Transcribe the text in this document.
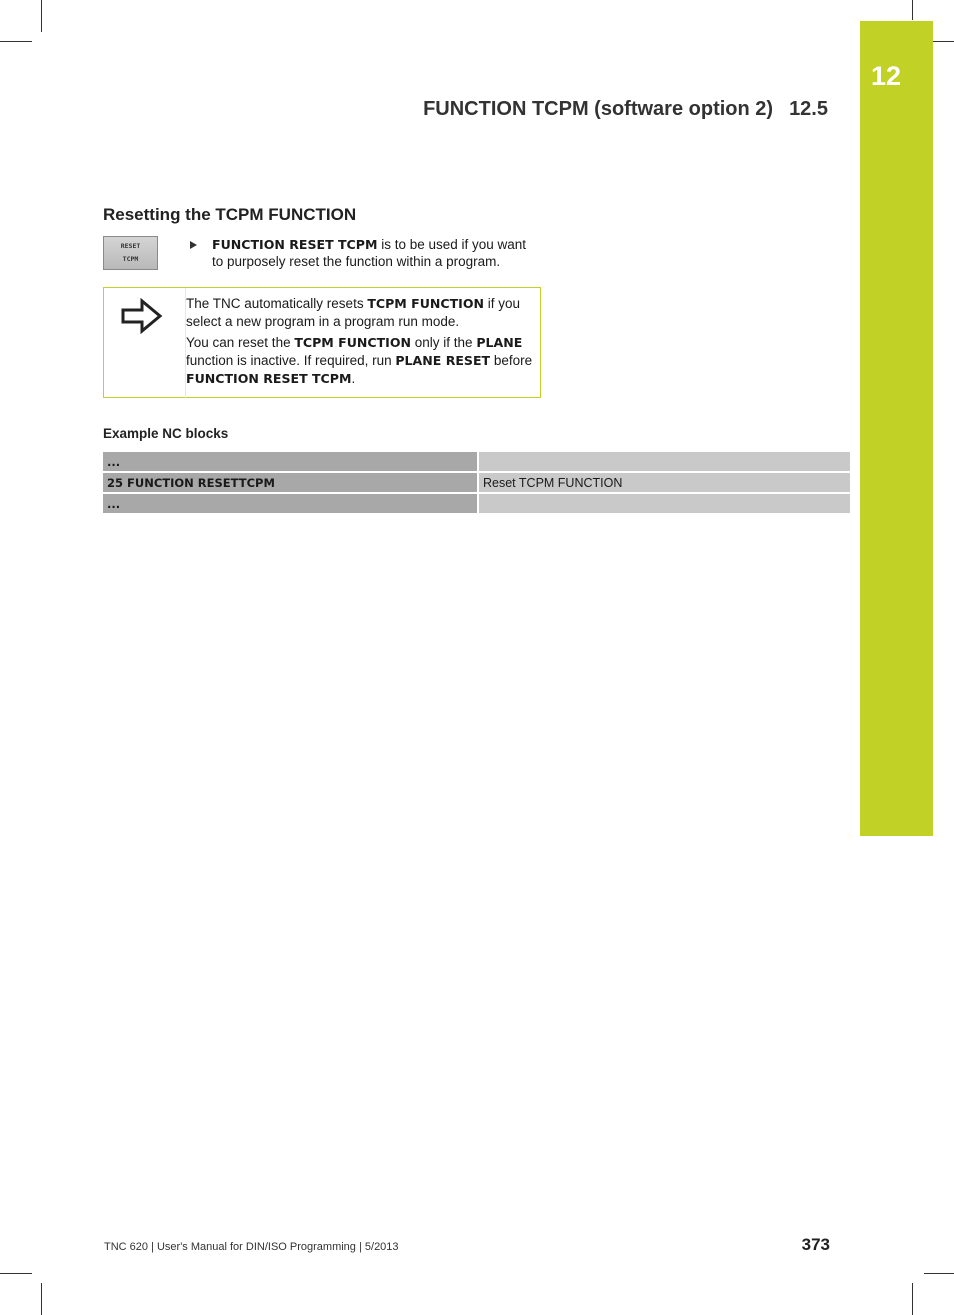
12
FUNCTION TCPM (software option 2) 12.5
Resetting the TCPM FUNCTION
RESET
TCPM
FUNCTION RESET TCPM is to be used if you want to purposely reset the function within a program.

The TNC automatically resets TCPM FUNCTION if you select a new program in a program run mode.

You can reset the TCPM FUNCTION only if the PLANE function is inactive. If required, run PLANE RESET before FUNCTION RESET TCPM.

Example NC blocks
...	
25 FUNCTION RESETTCPM	Reset TCPM FUNCTION
...	
TNC 620 | User's Manual for DIN/ISO Programming | 5/2013	373
